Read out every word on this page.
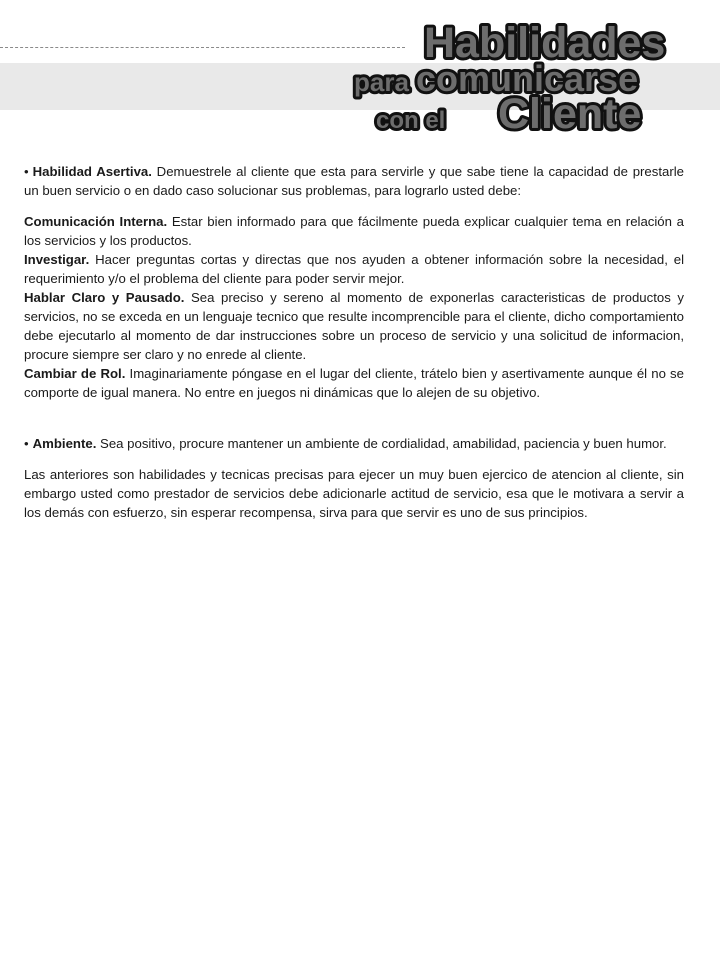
Habilidades
para comunicarse
con el Cliente

• Habilidad Asertiva. Demuestrele al cliente que esta para servirle y que sabe tiene la capacidad de prestarle un buen servicio o en dado caso solucionar sus problemas, para lograrlo usted debe:

Comunicación Interna. Estar bien informado para que fácilmente pueda explicar cualquier tema en relación a los servicios y los productos.

Investigar. Hacer preguntas cortas y directas que nos ayuden a obtener información sobre la necesidad, el requerimiento y/o el problema del cliente para poder servir mejor.

Hablar Claro y Pausado. Sea preciso y sereno al momento de exponerlas caracteristicas de productos y servicios, no se exceda en un lenguaje tecnico que resulte incomprencible para el cliente, dicho comportamiento debe ejecutarlo al momento de dar instrucciones sobre un proceso de servicio y una solicitud de informacion, procure siempre ser claro y no enrede al cliente.

Cambiar de Rol. Imaginariamente póngase en el lugar del cliente, trátelo bien y asertivamente aunque él no se comporte de igual manera. No entre en juegos ni dinámicas que lo alejen de su objetivo.

• Ambiente. Sea positivo, procure mantener un ambiente de cordialidad, amabilidad, paciencia y buen humor.

Las anteriores son habilidades y tecnicas precisas para ejecer un muy buen ejercico de atencion al cliente, sin embargo usted como prestador de servicios debe adicionarle actitud de servicio, esa que le motivara a servir a los demás con esfuerzo, sin esperar recompensa, sirva para que servir es uno de sus principios.
